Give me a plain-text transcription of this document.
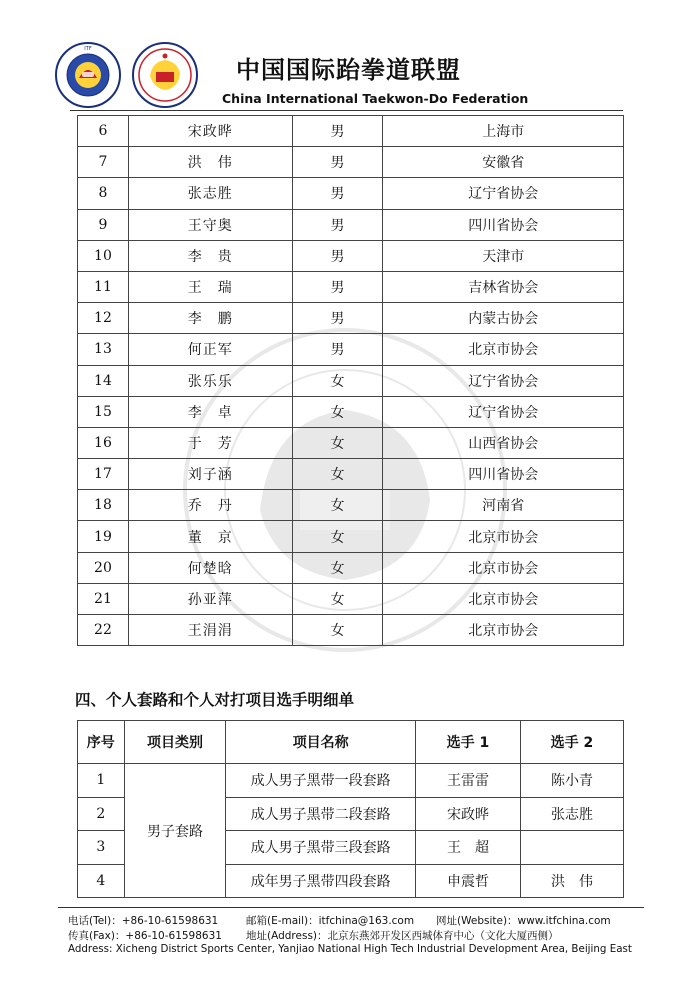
ITF
中国国际跆拳道联盟
China International Taekwon-Do Federation
6	宋政晔	男	上海市
7	洪　伟	男	安徽省
8	张志胜	男	辽宁省协会
9	王守奥	男	四川省协会
10	李　贵	男	天津市
11	王　瑞	男	吉林省协会
12	李　鹏	男	内蒙古协会
13	何正军	男	北京市协会
14	张乐乐	女	辽宁省协会
15	李　卓	女	辽宁省协会
16	于　芳	女	山西省协会
17	刘子涵	女	四川省协会
18	乔　丹	女	河南省
19	董　京	女	北京市协会
20	何楚晗	女	北京市协会
21	孙亚萍	女	北京市协会
22	王涓涓	女	北京市协会
四、个人套路和个人对打项目选手明细单
序号	项目类别	项目名称	选手 1	选手 2
1	男子套路	成人男子黑带一段套路	王雷雷	陈小青
2		成人男子黑带二段套路	宋政晔	张志胜
3		成人男子黑带三段套路	王　超	
4		成年男子黑带四段套路	申震哲	洪　伟
电话(Tel)：+86-10-61598631	邮箱(E-mail)：itfchina@163.com 网址(Website)：www.itfchina.com
传真(Fax)：+86-10-61598631 地址(Address)：北京东燕郊开发区西城体育中心（文化大厦西侧）
Address: Xicheng District Sports Center, Yanjiao National High Tech Industrial Development Area, Beijing East
